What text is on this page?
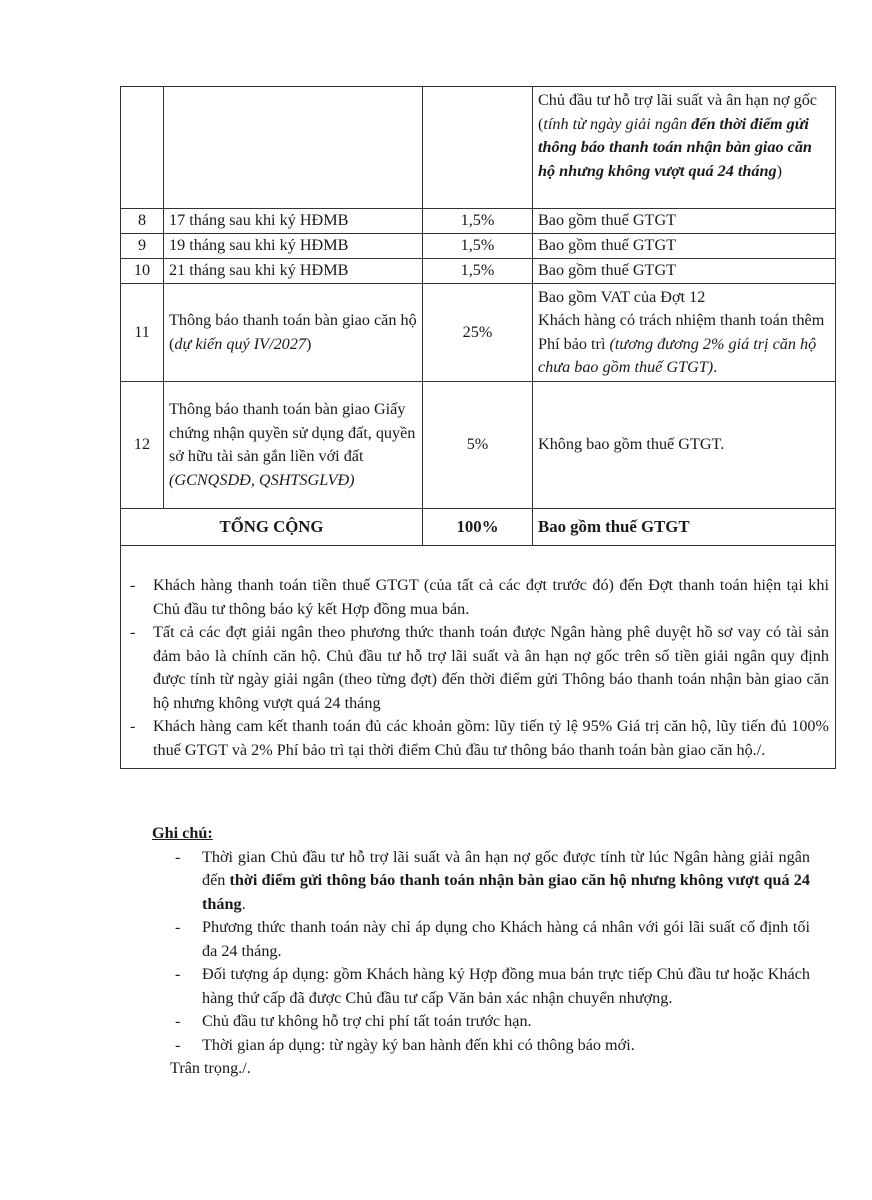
			Chủ đầu tư hỗ trợ lãi suất và ân hạn nợ gốc (tính từ ngày giải ngân đến thời điểm gửi thông báo thanh toán nhận bàn giao căn hộ nhưng không vượt quá 24 tháng)
8	17 tháng sau khi ký HĐMB	1,5%	Bao gồm thuế GTGT
9	19 tháng sau khi ký HĐMB	1,5%	Bao gồm thuế GTGT
10	21 tháng sau khi ký HĐMB	1,5%	Bao gồm thuế GTGT
11	Thông báo thanh toán bàn giao căn hộ (dự kiến quý IV/2027)	25%	Bao gồm VAT của Đợt 12
Khách hàng có trách nhiệm thanh toán thêm Phí bảo trì (tương đương 2% giá trị căn hộ chưa bao gồm thuế GTGT).

12	Thông báo thanh toán bàn giao Giấy chứng nhận quyền sử dụng đất, quyền sở hữu tài sản gắn liền với đất (GCNQSDĐ, QSHTSGLVĐ)	5%	Không bao gồm thuế GTGT.
TỔNG CỘNG		100%	Bao gồm thuế GTGT

- Khách hàng thanh toán tiền thuế GTGT (của tất cả các đợt trước đó) đến Đợt thanh toán hiện tại khi Chủ đầu tư thông báo ký kết Hợp đồng mua bán.
- Tất cả các đợt giải ngân theo phương thức thanh toán được Ngân hàng phê duyệt hồ sơ vay có tài sản đảm bảo là chính căn hộ. Chủ đầu tư hỗ trợ lãi suất và ân hạn nợ gốc trên số tiền giải ngân quy định được tính từ ngày giải ngân (theo từng đợt) đến thời điểm gửi Thông báo thanh toán nhận bàn giao căn hộ nhưng không vượt quá 24 tháng
- Khách hàng cam kết thanh toán đủ các khoản gồm: lũy tiến tỷ lệ 95% Giá trị căn hộ, lũy tiến đủ 100% thuế GTGT và 2% Phí bảo trì tại thời điểm Chủ đầu tư thông báo thanh toán bàn giao căn hộ./.
Ghi chú:
- Thời gian Chủ đầu tư hỗ trợ lãi suất và ân hạn nợ gốc được tính từ lúc Ngân hàng giải ngân đến thời điểm gửi thông báo thanh toán nhận bàn giao căn hộ nhưng không vượt quá 24 tháng.
- Phương thức thanh toán này chỉ áp dụng cho Khách hàng cá nhân với gói lãi suất cố định tối đa 24 tháng.
- Đối tượng áp dụng: gồm Khách hàng ký Hợp đồng mua bán trực tiếp Chủ đầu tư hoặc Khách hàng thứ cấp đã được Chủ đầu tư cấp Văn bản xác nhận chuyển nhượng.
- Chủ đầu tư không hỗ trợ chi phí tất toán trước hạn.
- Thời gian áp dụng: từ ngày ký ban hành đến khi có thông báo mới.
Trân trọng./.
